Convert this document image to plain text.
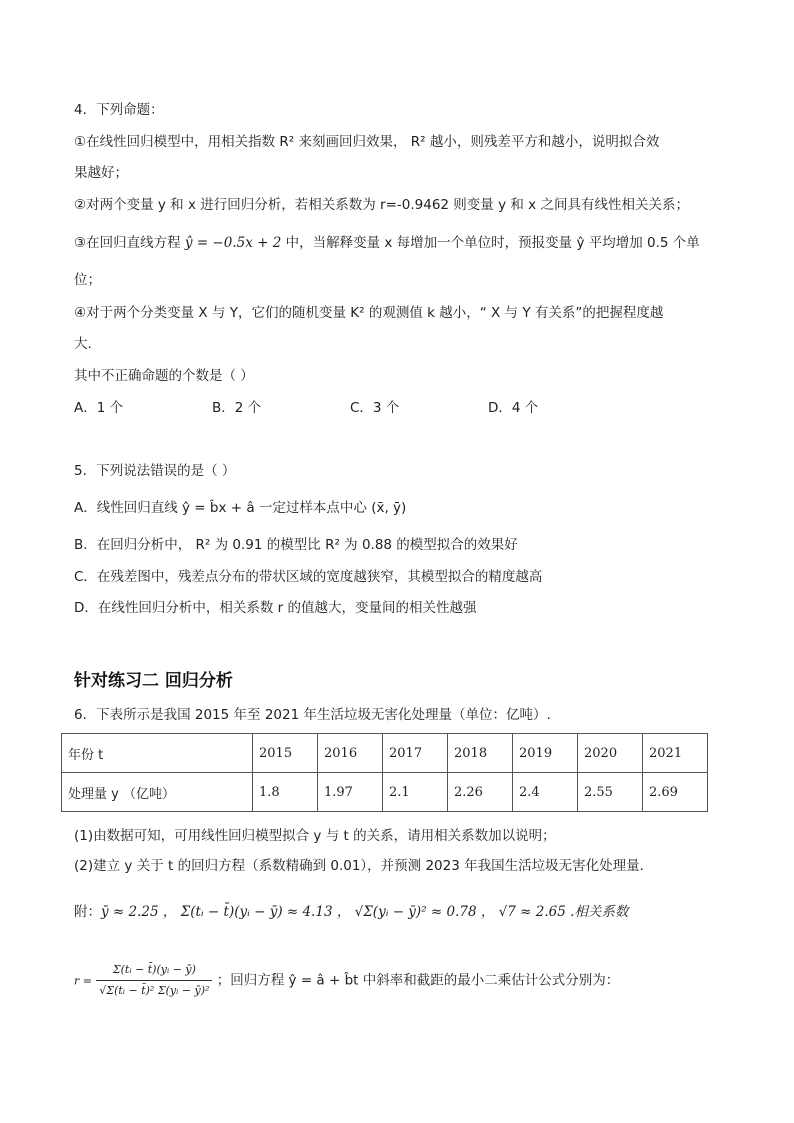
4．下列命题：
①在线性回归模型中，用相关指数 R² 来刻画回归效果， R² 越小，则残差平方和越小，说明拟合效
果越好；
②对两个变量 y 和 x 进行回归分析，若相关系数为 r=-0.9462 则变量 y 和 x 之间具有线性相关关系；
③在回归直线方程 ŷ = −0.5x + 2 中，当解释变量 x 每增加一个单位时，预报变量 ŷ 平均增加 0.5 个单
位；
④对于两个分类变量 X 与 Y，它们的随机变量 K² 的观测值 k 越小，“ X 与 Y 有关系”的把握程度越
大.
其中不正确命题的个数是（ ）
A．1 个	B．2 个	C．3 个	D．4 个
5．下列说法错误的是（ ）
A．线性回归直线 ŷ = b̂x + â 一定过样本点中心 (x̄, ȳ)
B．在回归分析中， R² 为 0.91 的模型比 R² 为 0.88 的模型拟合的效果好
C．在残差图中，残差点分布的带状区域的宽度越狭窄，其模型拟合的精度越高
D．在线性回归分析中，相关系数 r 的值越大，变量间的相关性越强
针对练习二 回归分析
6．下表所示是我国 2015 年至 2021 年生活垃圾无害化处理量（单位：亿吨）.
年份 t	2015	2016	2017	2018	2019	2020	2021
处理量 y （亿吨）	1.8	1.97	2.1	2.26	2.4	2.55	2.69
(1)由数据可知，可用线性回归模型拟合 y 与 t 的关系，请用相关系数加以说明；
(2)建立 y 关于 t 的回归方程（系数精确到 0.01），并预测 2023 年我国生活垃圾无害化处理量.
附：ȳ ≈ 2.25 ， Σ(tᵢ − t̄)(yᵢ − ȳ) ≈ 4.13 ， √Σ(yᵢ − ȳ)² ≈ 0.78 ， √7 ≈ 2.65 .相关系数
$r = \frac{\text{Σ(tᵢ − t̄)(yᵢ − ȳ)}}{\text{√Σ(tᵢ − t̄)² Σ(yᵢ − ȳ)²}}$ ；回归方程 ŷ = â + b̂t 中斜率和截距的最小二乘估计公式分别为：
